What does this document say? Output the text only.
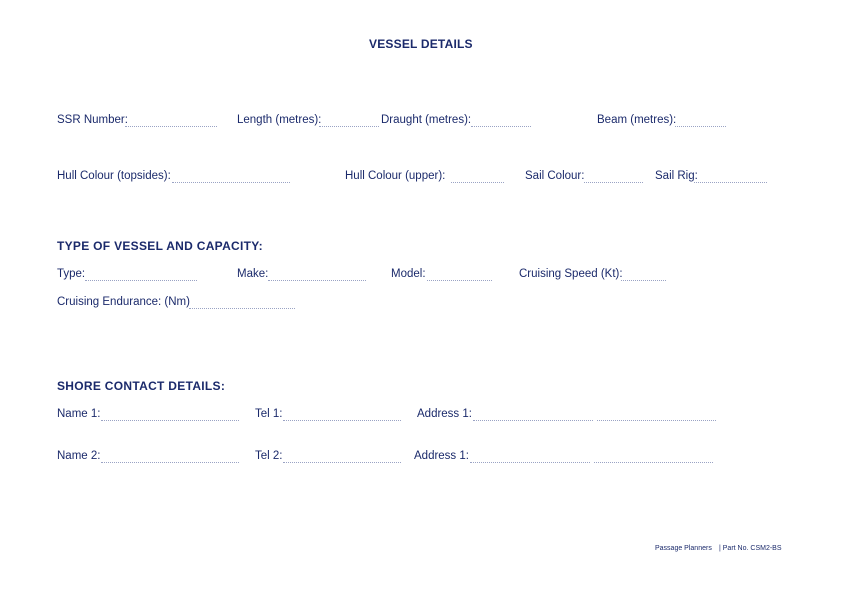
VESSEL DETAILS
SSR Number:	Length (metres):	Draught (metres):	Beam (metres):
Hull Colour (topsides):	Hull Colour (upper):	Sail Colour:	Sail Rig:
TYPE OF VESSEL AND CAPACITY:
Type:	Make:	Model:	Cruising Speed (Kt):
Cruising Endurance: (Nm)
SHORE CONTACT DETAILS:
Name 1:	Tel 1:	Address 1:
Name 2:	Tel 2:	Address 1:
Passage Planners | Part No. CSM2-BS
